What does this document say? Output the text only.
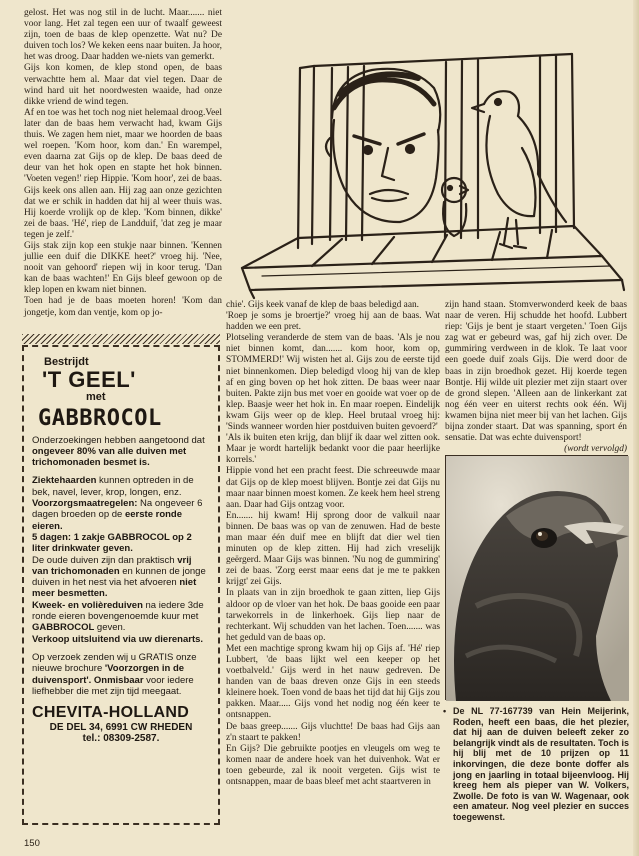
gelost. Het was nog stil in de lucht. Maar....... niet voor lang. Het zal tegen een uur of twaalf geweest zijn, toen de baas de klep openzette. Wat nu? De duiven toch los? We keken eens naar buiten. Ja hoor, het was droog. Daar hadden we-niets van gemerkt.

Gijs kon komen, de klep stond open, de baas verwachtte hem al. Maar dat viel tegen. Daar de wind hard uit het noordwesten waaide, had onze dikke vriend de wind tegen.

Af en toe was het toch nog niet helemaal droog.Veel later dan de baas hem verwacht had, kwam Gijs thuis. We zagen hem niet, maar we hoorden de baas wel roepen. 'Kom hoor, kom dan.' En warempel, even daarna zat Gijs op de klep. De baas deed de deur van het hok open en stapte het hok binnen. 'Voeten vegen!' riep Hippie. 'Kom hoor', zei de baas. Gijs keek ons allen aan. Hij zag aan onze gezichten dat we er schik in hadden dat hij al weer thuis was. Hij koerde vrolijk op de klep. 'Kom binnen, dikke' zei de baas. 'Hé', riep de Landduif, 'dat zeg je maar tegen je zelf.'

Gijs stak zijn kop een stukje naar binnen. 'Kennen jullie een duif die DIKKE heet?' vroeg hij. 'Nee, nooit van gehoord' riepen wij in koor terug. 'Dan kan de baas wachten!' En Gijs bleef gewoon op de klep lopen en kwam niet binnen.

Toen had je de baas moeten horen! 'Kom dan jongetje, kom dan ventje, kom op jo-

Bestrijdt
'T GEEL'
met
GABBROCOL

Onderzoekingen hebben aangetoond dat ongeveer 80% van alle duiven met trichomonaden besmet is.

Ziektehaarden kunnen optreden in de bek, navel, lever, krop, longen, enz.
Voorzorgsmaatregelen: Na ongeveer 6 dagen broeden op de eerste ronde eieren.
5 dagen: 1 zakje GABBROCOL op 2 liter drinkwater geven.
De oude duiven zijn dan praktisch vrij van trichomonaden en kunnen de jonge duiven in het nest via het afvoeren niet meer besmetten.
Kweek- en volièreduiven na iedere 3de ronde eieren bovengenoemde kuur met GABBROCOL geven.
Verkoop uitsluitend via uw dierenarts.

Op verzoek zenden wij u GRATIS onze nieuwe brochure 'Voorzorgen in de duivensport'. Onmisbaar voor iedere liefhebber die met zijn tijd meegaat.

CHEVITA-HOLLAND
DE DEL 34, 6991 CW RHEDEN
tel.: 08309-2587.

chie'. Gijs keek vanaf de klep de baas beledigd aan.

'Roep je soms je broertje?' vroeg hij aan de baas. Wat hadden we een pret.

Plotseling veranderde de stem van de baas. 'Als je nou niet binnen komt, dan....... kom hoor, kom op, STOMMERD!' Wij wisten het al. Gijs zou de eerste tijd niet binnenkomen. Diep beledigd vloog hij van de klep af en ging boven op het hok zitten. De baas weer naar buiten. Pakte zijn bus met voer en gooide wat voer op de klep. Baasje weer het hok in. En maar roepen. Eindelijk kwam Gijs weer op de klep. Heel brutaal vroeg hij: 'Sinds wanneer worden hier postduiven buiten gevoerd?'

'Als ik buiten eten krijg, dan blijf ik daar wel zitten ook. Maar je wordt hartelijk bedankt voor die paar heerlijke korrels.'

Hippie vond het een pracht feest. Die schreeuwde maar dat Gijs op de klep moest blijven. Bontje zei dat Gijs nu maar naar binnen moest komen. Ze keek hem heel streng aan. Daar had Gijs ontzag voor.

En....... hij kwam! Hij sprong door de valkuil naar binnen. De baas was op van de zenuwen. Had de beste man maar één duif mee en blijft dat dier wel tien minuten op de klep zitten. Hij had zich vreselijk geërgerd. Maar Gijs was binnen. 'Nu nog de gummiring' zei de baas. 'Zorg eerst maar eens dat je me te pakken krijgt' zei Gijs.

In plaats van in zijn broedhok te gaan zitten, liep Gijs aldoor op de vloer van het hok. De baas gooide een paar tarwekorrels in de linkerhoek. Gijs liep naar de rechterkant. Wij schudden van het lachen. Toen....... was het geduld van de baas op.

Met een machtige sprong kwam hij op Gijs af. 'Hé' riep Lubbert, 'de baas lijkt wel een keeper op het voetbalveld.' Gijs werd in het nauw gedreven. De handen van de baas dreven onze Gijs in een steeds kleinere hoek. Toen vond de baas het tijd dat hij Gijs zou pakken. Maar..... Gijs vond het nodig nog één keer te ontsnappen.

De baas greep....... Gijs vluchtte! De baas had Gijs aan z'n staart te pakken!

En Gijs? Die gebruikte pootjes en vleugels om weg te komen naar de andere hoek van het duivenhok. Wat er toen gebeurde, zal ik nooit vergeten. Gijs wist te ontsnappen, maar de baas bleef met acht staartveren in

zijn hand staan. Stomverwonderd keek de baas naar de veren. Hij schudde het hoofd. Lubbert riep: 'Gijs je bent je staart vergeten.' Toen Gijs zag wat er gebeurd was, gaf hij zich over. De gummiring verdween in de klok. Te laat voor een goede duif zoals Gijs. Die werd door de baas in zijn broedhok gezet. Hij koerde tegen Bontje. Hij wilde uit plezier met zijn staart over de grond slepen. 'Alleen aan de linkerkant zat nog één veer en uiterst rechts ook één. Wij kwamen bijna niet meer bij van het lachen. Gijs bijna zonder staart. Dat was spanning, sport én sensatie. Dat was echte duivensport!

(wordt vervolgd)

• De NL 77-167739 van Hein Meijerink, Roden, heeft een baas, die het plezier, dat hij aan de duiven beleeft zeker zo belangrijk vindt als de resultaten. Toch is hij blij met de 10 prijzen op 11 inkorvingen, die deze bonte doffer als jong en jaarling in totaal bijeenvloog. Hij kreeg hem als pieper van W. Volkers, Zwolle. De foto is van W. Wagenaar, ook een amateur. Nog veel plezier en succes toegewenst.
150
